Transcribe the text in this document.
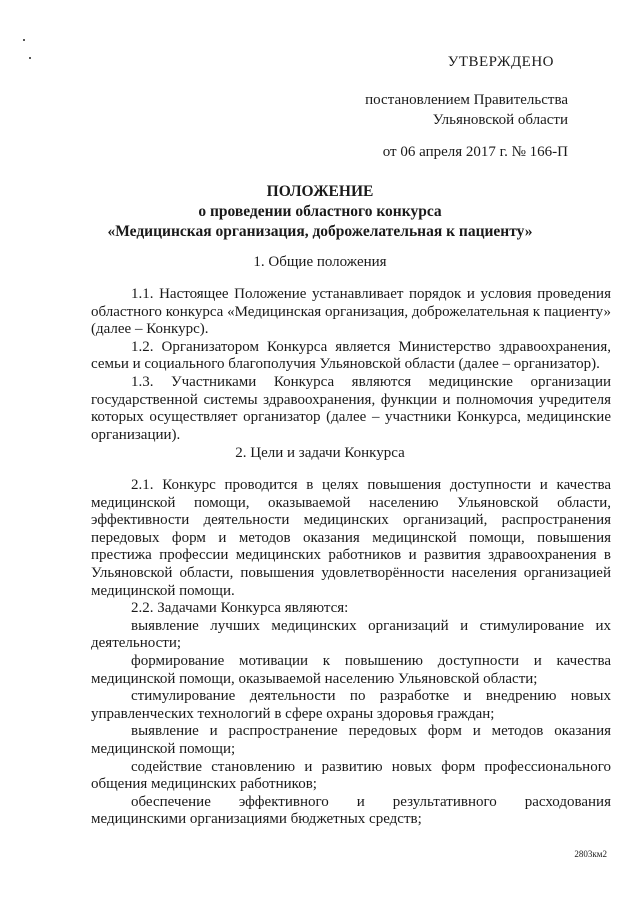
УТВЕРЖДЕНО
постановлением Правительства
Ульяновской области
от 06 апреля 2017 г. № 166-П
ПОЛОЖЕНИЕ
о проведении областного конкурса
«Медицинская организация, доброжелательная к пациенту»
1. Общие положения

1.1. Настоящее Положение устанавливает порядок и условия проведения областного конкурса «Медицинская организация, доброжелательная к пациенту» (далее – Конкурс).

1.2. Организатором Конкурса является Министерство здравоохранения, семьи и социального благополучия Ульяновской области (далее – организатор).

1.3. Участниками Конкурса являются медицинские организации государственной системы здравоохранения, функции и полномочия учредителя которых осуществляет организатор (далее – участники Конкурса, медицинские организации).

2. Цели и задачи Конкурса

2.1. Конкурс проводится в целях повышения доступности и качества медицинской помощи, оказываемой населению Ульяновской области, эффективности деятельности медицинских организаций, распространения передовых форм и методов оказания медицинской помощи, повышения престижа профессии медицинских работников и развития здравоохранения в Ульяновской области, повышения удовлетворённости населения организацией медицинской помощи.

2.2. Задачами Конкурса являются:

выявление лучших медицинских организаций и стимулирование их деятельности;

формирование мотивации к повышению доступности и качества медицинской помощи, оказываемой населению Ульяновской области;

стимулирование деятельности по разработке и внедрению новых управленческих технологий в сфере охраны здоровья граждан;

выявление и распространение передовых форм и методов оказания медицинской помощи;

содействие становлению и развитию новых форм профессионального общения медицинских работников;

обеспечение эффективного и результативного расходования медицинскими организациями бюджетных средств;

2803км2
